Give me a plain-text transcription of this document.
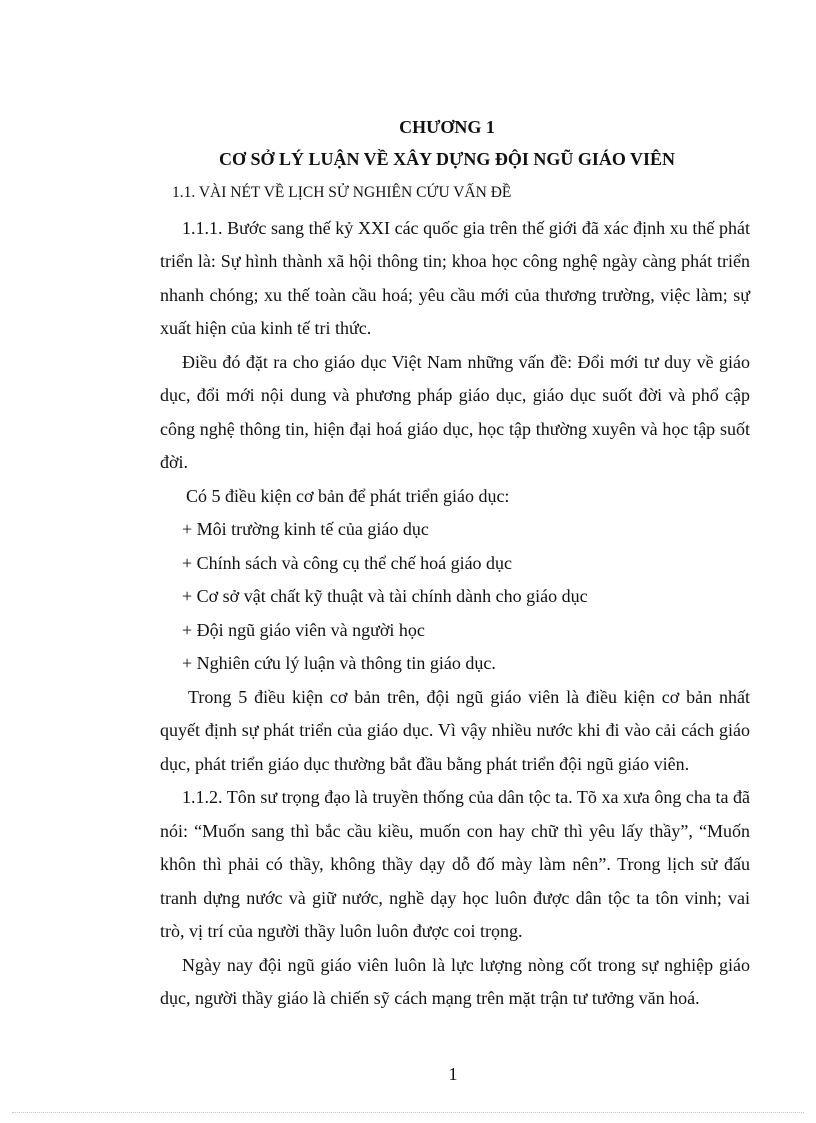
CHƯƠNG 1
CƠ SỞ LÝ LUẬN VỀ XÂY DỰNG ĐỘI NGŨ GIÁO VIÊN

1.1. VÀI NÉT VỀ LỊCH SỬ NGHIÊN CỨU VẤN ĐỀ

1.1.1. Bước sang thế kỷ XXI các quốc gia trên thế giới đã xác định xu thế phát triển là: Sự hình thành xã hội thông tin; khoa học công nghệ ngày càng phát triển nhanh chóng; xu thế toàn cầu hoá; yêu cầu mới của thương trường, việc làm; sự xuất hiện của kinh tế tri thức.

Điều đó đặt ra cho giáo dục Việt Nam những vấn đề: Đổi mới tư duy về giáo dục, đổi mới nội dung và phương pháp giáo dục, giáo dục suốt đời và phổ cập công nghệ thông tin, hiện đại hoá giáo dục, học tập thường xuyên và học tập suốt đời.

Có 5 điều kiện cơ bản để phát triển giáo dục:

+ Môi trường kinh tế của giáo dục

+ Chính sách và công cụ thể chế hoá giáo dục

+ Cơ sở vật chất kỹ thuật và tài chính dành cho giáo dục

+ Đội ngũ giáo viên và người học

+ Nghiên cứu lý luận và thông tin giáo dục.

Trong 5 điều kiện cơ bản trên, đội ngũ giáo viên là điều kiện cơ bản nhất quyết định sự phát triển của giáo dục. Vì vậy nhiều nước khi đi vào cải cách giáo dục, phát triển giáo dục thường bắt đầu bằng phát triển đội ngũ giáo viên.

1.1.2. Tôn sư trọng đạo là truyền thống của dân tộc ta. Tõ xa xưa ông cha ta đã nói: “Muốn sang thì bắc cầu kiều, muốn con hay chữ thì yêu lấy thầy”, “Muốn khôn thì phải có thầy, không thầy dạy dỗ đố mày làm nên”. Trong lịch sử đấu tranh dựng nước và giữ nước, nghề dạy học luôn được dân tộc ta tôn vinh; vai trò, vị trí của người thầy luôn luôn được coi trọng.

Ngày nay đội ngũ giáo viên luôn là lực lượng nòng cốt trong sự nghiệp giáo dục, người thầy giáo là chiến sỹ cách mạng trên mặt trận tư tưởng văn hoá.

1
